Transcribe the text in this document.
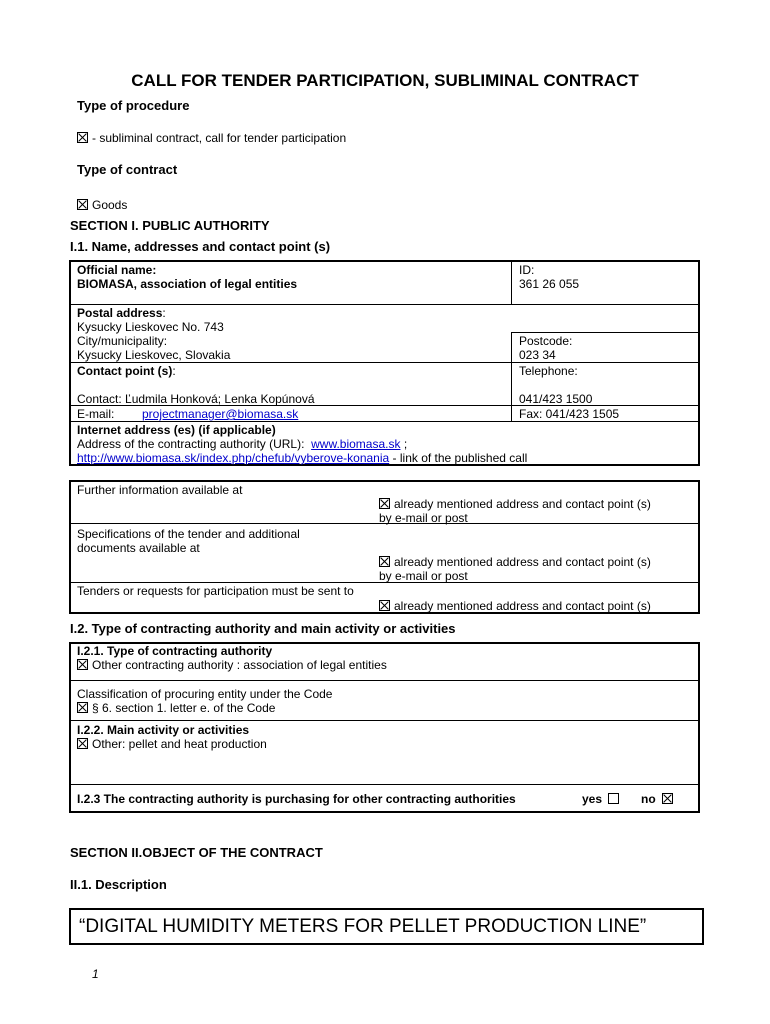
CALL FOR TENDER PARTICIPATION, SUBLIMINAL CONTRACT
Type of procedure
- subliminal contract, call for tender participation
Type of contract
Goods
SECTION I. PUBLIC AUTHORITY
I.1. Name, addresses and contact point (s)
Official name:
BIOMASA, association of legal entities
ID:
361 26 055
Postal address:
Kysucky Lieskovec No. 743
City/municipality:
Kysucky Lieskovec, Slovakia
Postcode:
023 34
Contact point (s):	Telephone:
Contact: Ľudmila Honková; Lenka Kopúnová	041/423 1500
E-mail: projectmanager@biomasa.sk	Fax: 041/423 1505
Internet address (es) (if applicable)
Address of the contracting authority (URL): www.biomasa.sk ;
http://www.biomasa.sk/index.php/chefub/vyberove-konania - link of the published call
Further information available at
already mentioned address and contact point (s)
by e-mail or post
Specifications of the tender and additional
documents available at
already mentioned address and contact point (s)
by e-mail or post
Tenders or requests for participation must be sent to
already mentioned address and contact point (s)
I.2. Type of contracting authority and main activity or activities
I.2.1. Type of contracting authority
Other contracting authority : association of legal entities
Classification of procuring entity under the Code
§ 6. section 1. letter e. of the Code
I.2.2. Main activity or activities
Other: pellet and heat production
I.2.3 The contracting authority is purchasing for other contracting authorities	yes	no
SECTION II.OBJECT OF THE CONTRACT
II.1. Description
“DIGITAL HUMIDITY METERS FOR PELLET PRODUCTION LINE”
1
